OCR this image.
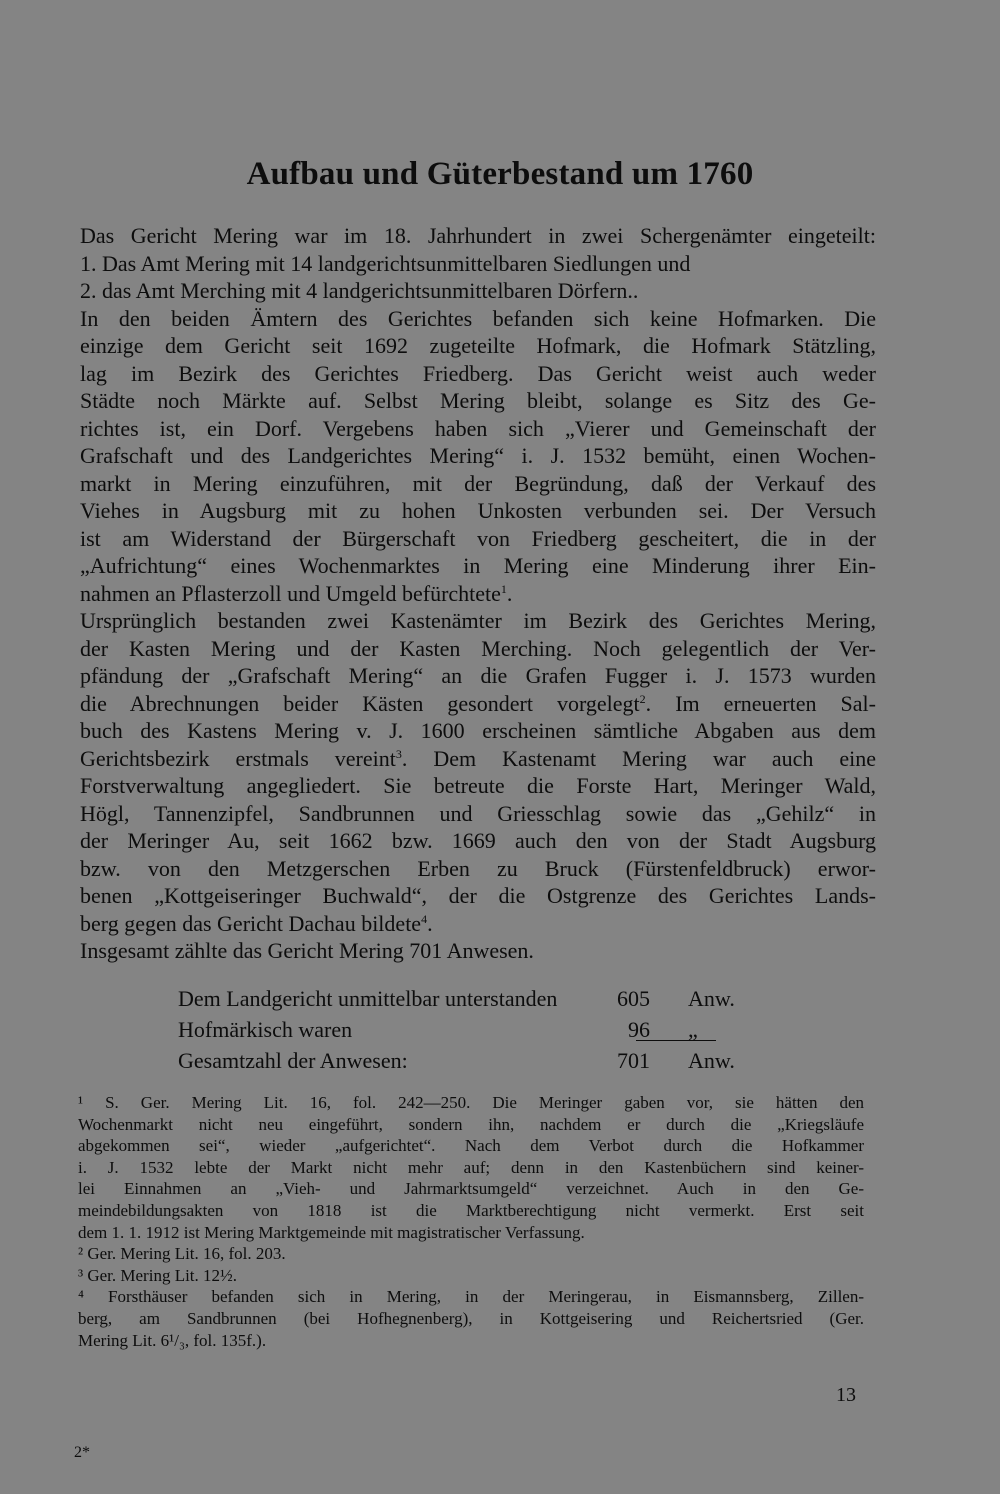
Aufbau und Güterbestand um 1760
Das Gericht Mering war im 18. Jahrhundert in zwei Schergenämter eingeteilt:
1. Das Amt Mering mit 14 landgerichtsunmittelbaren Siedlungen und
2. das Amt Merching mit 4 landgerichtsunmittelbaren Dörfern..
In den beiden Ämtern des Gerichtes befanden sich keine Hofmarken. Die
einzige dem Gericht seit 1692 zugeteilte Hofmark, die Hofmark Stätzling,
lag im Bezirk des Gerichtes Friedberg. Das Gericht weist auch weder
Städte noch Märkte auf. Selbst Mering bleibt, solange es Sitz des Ge-
richtes ist, ein Dorf. Vergebens haben sich „Vierer und Gemeinschaft der
Grafschaft und des Landgerichtes Mering“ i. J. 1532 bemüht, einen Wochen-
markt in Mering einzuführen, mit der Begründung, daß der Verkauf des
Viehes in Augsburg mit zu hohen Unkosten verbunden sei. Der Versuch
ist am Widerstand der Bürgerschaft von Friedberg gescheitert, die in der
„Aufrichtung“ eines Wochenmarktes in Mering eine Minderung ihrer Ein-
nahmen an Pflasterzoll und Umgeld befürchtete$^1$.
Ursprünglich bestanden zwei Kastenämter im Bezirk des Gerichtes Mering,
der Kasten Mering und der Kasten Merching. Noch gelegentlich der Ver-
pfändung der „Grafschaft Mering“ an die Grafen Fugger i. J. 1573 wurden
die Abrechnungen beider Kästen gesondert vorgelegt$^2$. Im erneuerten Sal-
buch des Kastens Mering v. J. 1600 erscheinen sämtliche Abgaben aus dem
Gerichtsbezirk erstmals vereint$^3$. Dem Kastenamt Mering war auch eine
Forstverwaltung angegliedert. Sie betreute die Forste Hart, Meringer Wald,
Högl, Tannenzipfel, Sandbrunnen und Griesschlag sowie das „Gehilz“ in
der Meringer Au, seit 1662 bzw. 1669 auch den von der Stadt Augsburg
bzw. von den Metzgerschen Erben zu Bruck (Fürstenfeldbruck) erwor-
benen „Kottgeiseringer Buchwald“, der die Ostgrenze des Gerichtes Lands-
berg gegen das Gericht Dachau bildete$^4$.
Insgesamt zählte das Gericht Mering 701 Anwesen.
Dem Landgericht unmittelbar unterstanden	605 Anw.
Hofmärkisch waren	96 „
Gesamtzahl der Anwesen:	701 Anw.
¹ S. Ger. Mering Lit. 16, fol. 242—250. Die Meringer gaben vor, sie hätten den
Wochenmarkt nicht neu eingeführt, sondern ihn, nachdem er durch die „Kriegsläufe
abgekommen sei“, wieder „aufgerichtet“. Nach dem Verbot durch die Hofkammer
i. J. 1532 lebte der Markt nicht mehr auf; denn in den Kastenbüchern sind keiner-
lei Einnahmen an „Vieh- und Jahrmarktsumgeld“ verzeichnet. Auch in den Ge-
meindebildungsakten von 1818 ist die Marktberechtigung nicht vermerkt. Erst seit
dem 1. 1. 1912 ist Mering Marktgemeinde mit magistratischer Verfassung.
² Ger. Mering Lit. 16, fol. 203.
³ Ger. Mering Lit. 12½.
⁴ Forsthäuser befanden sich in Mering, in der Meringerau, in Eismannsberg, Zillen-
berg, am Sandbrunnen (bei Hofhegnenberg), in Kottgeisering und Reichertsried (Ger.
Mering Lit. 6¹/₃, fol. 135f.).
13
2*
